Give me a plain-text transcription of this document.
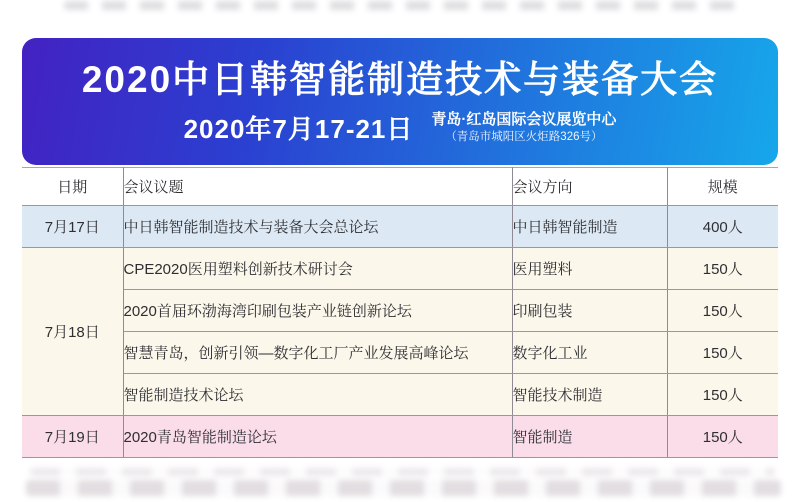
2020中日韩智能制造技术与装备大会
2020年7月17-21日 青岛·红岛国际会议展览中心
（青岛市城阳区火炬路326号）
日期	会议议题	会议方向	规模
7月17日	中日韩智能制造技术与装备大会总论坛	中日韩智能制造	400人
7月18日	CPE2020医用塑料创新技术研讨会	医用塑料	150人
	2020首届环渤海湾印刷包装产业链创新论坛	印刷包装	150人
	智慧青岛，创新引领—数字化工厂产业发展高峰论坛	数字化工业	150人
	智能制造技术论坛	智能技术制造	150人
7月19日	2020青岛智能制造论坛	智能制造	150人
